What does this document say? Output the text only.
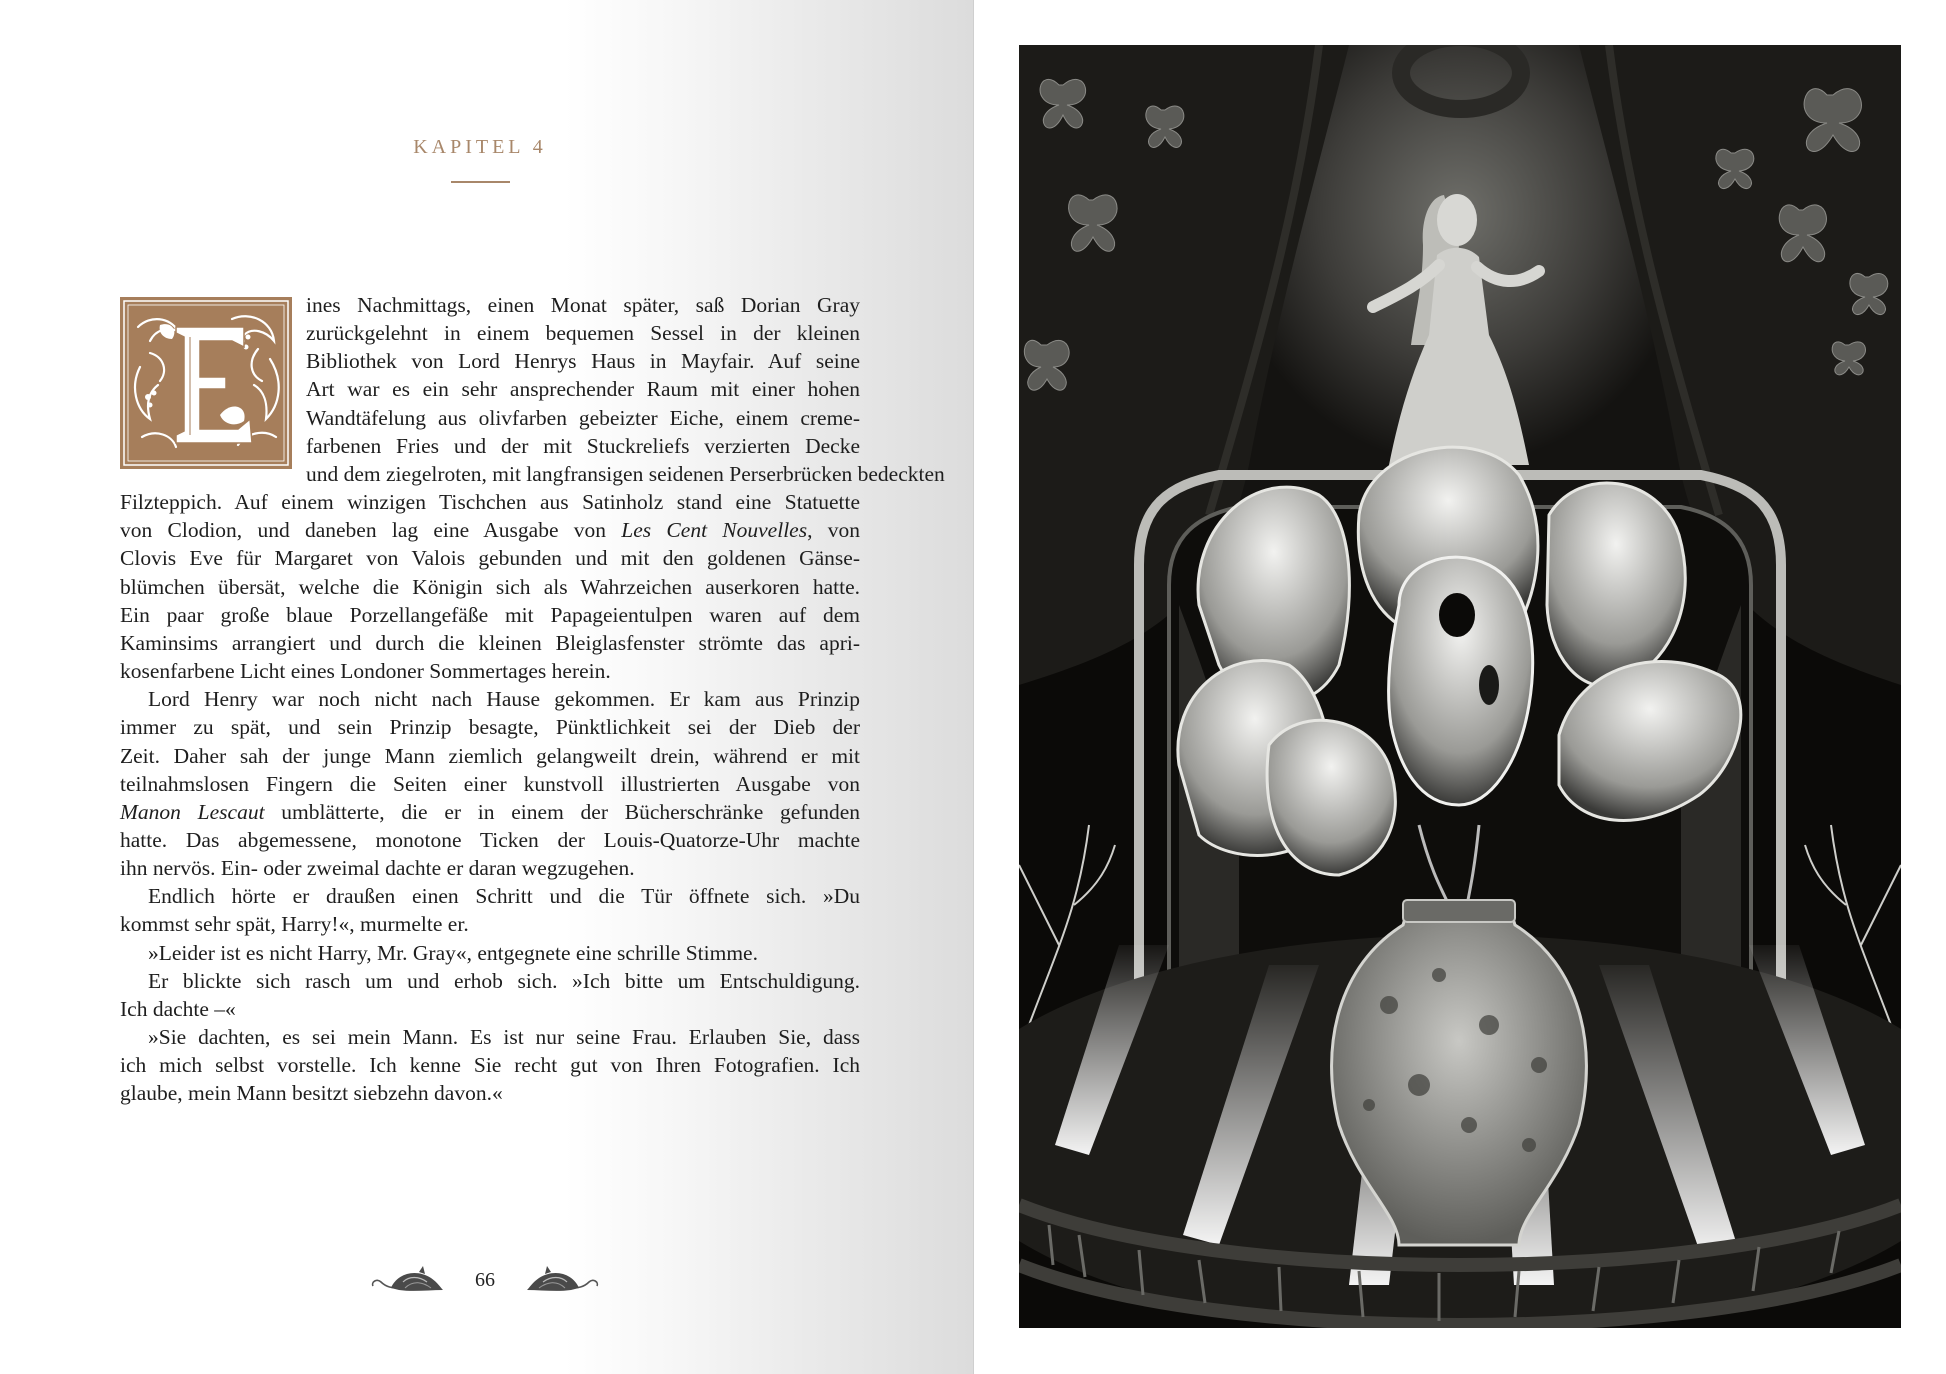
KAPITEL 4

ines Nachmittags, einen Monat später, saß Dorian Gray
zurückgelehnt in einem bequemen Sessel in der kleinen
Bibliothek von Lord Henrys Haus in Mayfair. Auf seine
Art war es ein sehr ansprechender Raum mit einer hohen
Wandtäfelung aus olivfarben gebeizter Eiche, einem creme-
farbenen Fries und der mit Stuckreliefs verzierten Decke
und dem ziegelroten, mit langfransigen seidenen Perserbrücken bedeckten
Filzteppich. Auf einem winzigen Tischchen aus Satinholz stand eine Statuette
von Clodion, und daneben lag eine Ausgabe von Les Cent Nouvelles, von
Clovis Eve für Margaret von Valois gebunden und mit den goldenen Gänse-
blümchen übersät, welche die Königin sich als Wahrzeichen auserkoren hatte.
Ein paar große blaue Porzellangefäße mit Papageientulpen waren auf dem
Kaminsims arrangiert und durch die kleinen Bleiglasfenster strömte das apri-
kosenfarbene Licht eines Londoner Sommertages herein.

Lord Henry war noch nicht nach Hause gekommen. Er kam aus Prinzip
immer zu spät, und sein Prinzip besagte, Pünktlichkeit sei der Dieb der
Zeit. Daher sah der junge Mann ziemlich gelangweilt drein, während er mit
teilnahmslosen Fingern die Seiten einer kunstvoll illustrierten Ausgabe von
Manon Lescaut umblätterte, die er in einem der Bücherschränke gefunden
hatte. Das abgemessene, monotone Ticken der Louis-Quatorze-Uhr machte
ihn nervös. Ein- oder zweimal dachte er daran wegzugehen.

Endlich hörte er draußen einen Schritt und die Tür öffnete sich. »Du
kommst sehr spät, Harry!«, murmelte er.

»Leider ist es nicht Harry, Mr. Gray«, entgegnete eine schrille Stimme.

Er blickte sich rasch um und erhob sich. »Ich bitte um Entschuldigung.
Ich dachte –«

»Sie dachten, es sei mein Mann. Es ist nur seine Frau. Erlauben Sie, dass
ich mich selbst vorstelle. Ich kenne Sie recht gut von Ihren Fotografien. Ich
glaube, mein Mann besitzt siebzehn davon.«

66
